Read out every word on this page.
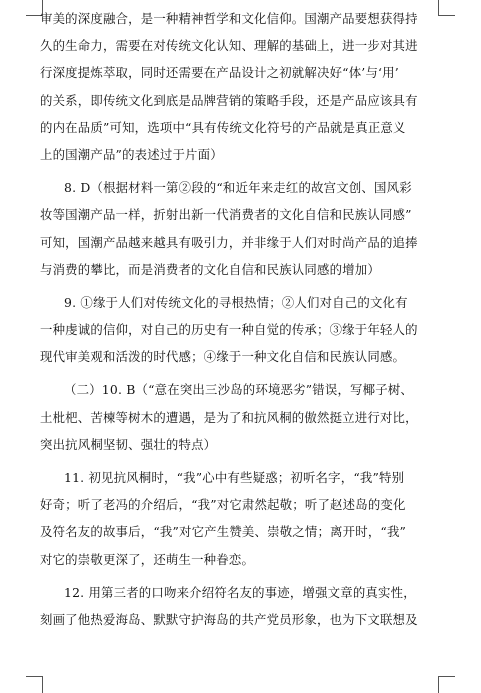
审美的深度融合，是一种精神哲学和文化信仰。国潮产品要想获得持
久的生命力，需要在对传统文化认知、理解的基础上，进一步对其进
行深度提炼萃取，同时还需要在产品设计之初就解决好“体’与‘用’
的关系，即传统文化到底是品牌营销的策略手段，还是产品应该具有
的内在品质”可知，选项中“具有传统文化符号的产品就是真正意义
上的国潮产品”的表述过于片面）
8. D（根据材料一第②段的“和近年来走红的故宫文创、国风彩
妆等国潮产品一样，折射出新一代消费者的文化自信和民族认同感”
可知，国潮产品越来越具有吸引力，并非缘于人们对时尚产品的追捧
与消费的攀比，而是消费者的文化自信和民族认同感的增加）
9. ①缘于人们对传统文化的寻根热情；②人们对自己的文化有
一种虔诚的信仰，对自己的历史有一种自觉的传承；③缘于年轻人的
现代审美观和活泼的时代感；④缘于一种文化自信和民族认同感。
（二）10. B（“意在突出三沙岛的环境恶劣”错误，写椰子树、
土枇杷、苦楝等树木的遭遇，是为了和抗风桐的傲然挺立进行对比，
突出抗风桐坚韧、强壮的特点）
11. 初见抗风桐时，“我”心中有些疑惑；初听名字，“我”特别
好奇；听了老冯的介绍后，“我”对它肃然起敬；听了赵述岛的变化
及符名友的故事后，“我”对它产生赞美、崇敬之情；离开时，“我”
对它的崇敬更深了，还萌生一种眷恋。
12. 用第三者的口吻来介绍符名友的事迹，增强文章的真实性，
刻画了他热爱海岛、默默守护海岛的共产党员形象，也为下文联想及
